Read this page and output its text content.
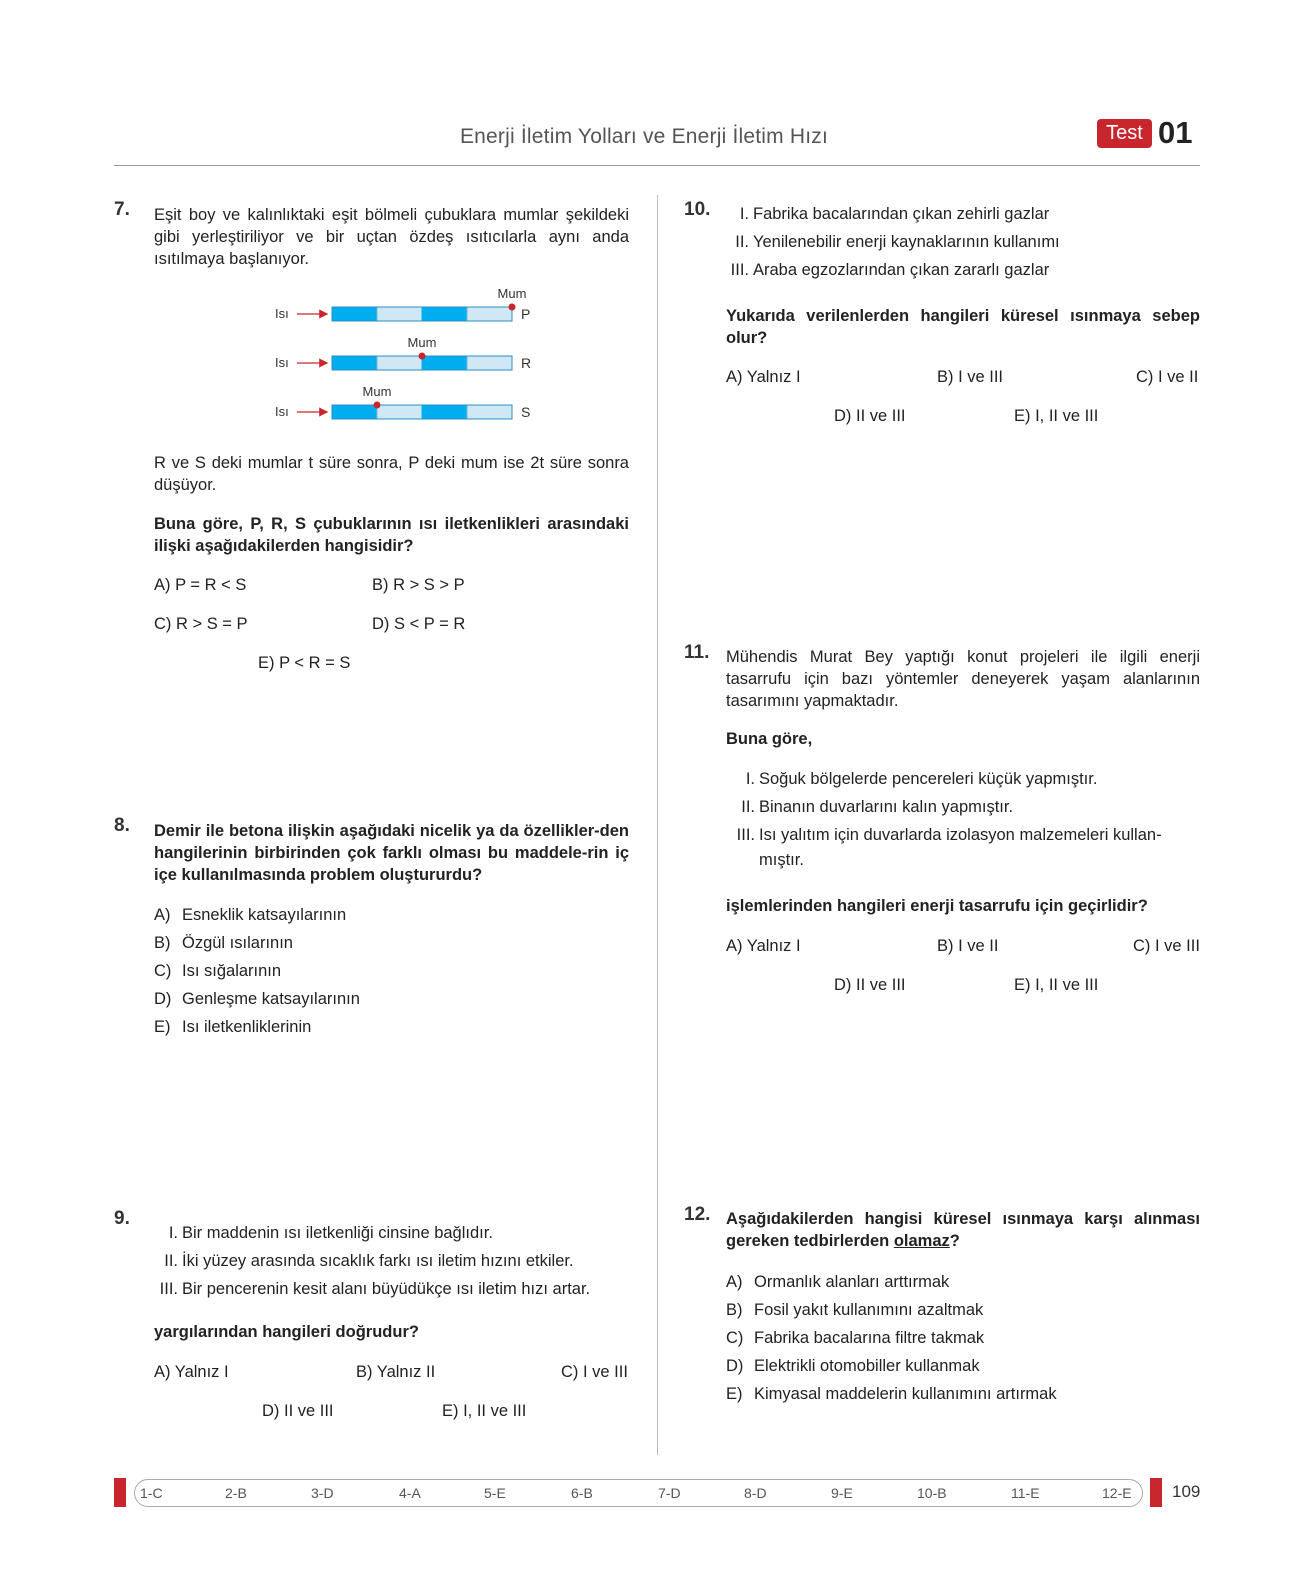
Enerji İletim Yolları ve Enerji İletim Hızı	Test 01
7. Eşit boy ve kalınlıktaki eşit bölmeli çubuklara mumlar şekildeki gibi yerleştiriliyor ve bir uçtan özdeş ısıtıcılarla aynı anda ısıtılmaya başlanıyor.
Isı
Mum
P
Isı
Mum
R
Isı
Mum
S
R ve S deki mumlar t süre sonra, P deki mum ise 2t süre sonra düşüyor.
Buna göre, P, R, S çubuklarının ısı iletkenlikleri arasındaki ilişki aşağıdakilerden hangisidir?
A) P = R < S	B) R > S > P
C) R > S = P	D) S < P = R
E) P < R = S
8. Demir ile betona ilişkin aşağıdaki nicelik ya da özellikler-den hangilerinin birbirinden çok farklı olması bu maddele-rin iç içe kullanılmasında problem oluştururdu?
A) Esneklik katsayılarının
B) Özgül ısılarının
C) Isı sığalarının
D) Genleşme katsayılarının
E) Isı iletkenliklerinin
9.
I. Bir maddenin ısı iletkenliği cinsine bağlıdır.
II. İki yüzey arasında sıcaklık farkı ısı iletim hızını etkiler.
III. Bir pencerenin kesit alanı büyüdükçe ısı iletim hızı artar.
yargılarından hangileri doğrudur?
A) Yalnız I	B) Yalnız II	C) I ve III
D) II ve III	E) I, II ve III
10. I. Fabrika bacalarından çıkan zehirli gazlar
II. Yenilenebilir enerji kaynaklarının kullanımı
III. Araba egzozlarından çıkan zararlı gazlar
Yukarıda verilenlerden hangileri küresel ısınmaya sebep olur?
A) Yalnız I	B) I ve III	C) I ve II
D) II ve III	E) I, II ve III
11. Mühendis Murat Bey yaptığı konut projeleri ile ilgili enerji tasarrufu için bazı yöntemler deneyerek yaşam alanlarının tasarımını yapmaktadır.
Buna göre,
I. Soğuk bölgelerde pencereleri küçük yapmıştır.
II. Binanın duvarlarını kalın yapmıştır.
III. Isı yalıtım için duvarlarda izolasyon malzemeleri kullan-
mıştır.
işlemlerinden hangileri enerji tasarrufu için geçirlidir?
A) Yalnız I	B) I ve II	C) I ve III
D) II ve III	E) I, II ve III
12. Aşağıdakilerden hangisi küresel ısınmaya karşı alınması gereken tedbirlerden olamaz?
A) Ormanlık alanları arttırmak
B) Fosil yakıt kullanımını azaltmak
C) Fabrika bacalarına filtre takmak
D) Elektrikli otomobiller kullanmak
E) Kimyasal maddelerin kullanımını artırmak
1-C	2-B	3-D	4-A	5-E	6-B	7-D	8-D	9-E	10-B	11-E	12-E 109
